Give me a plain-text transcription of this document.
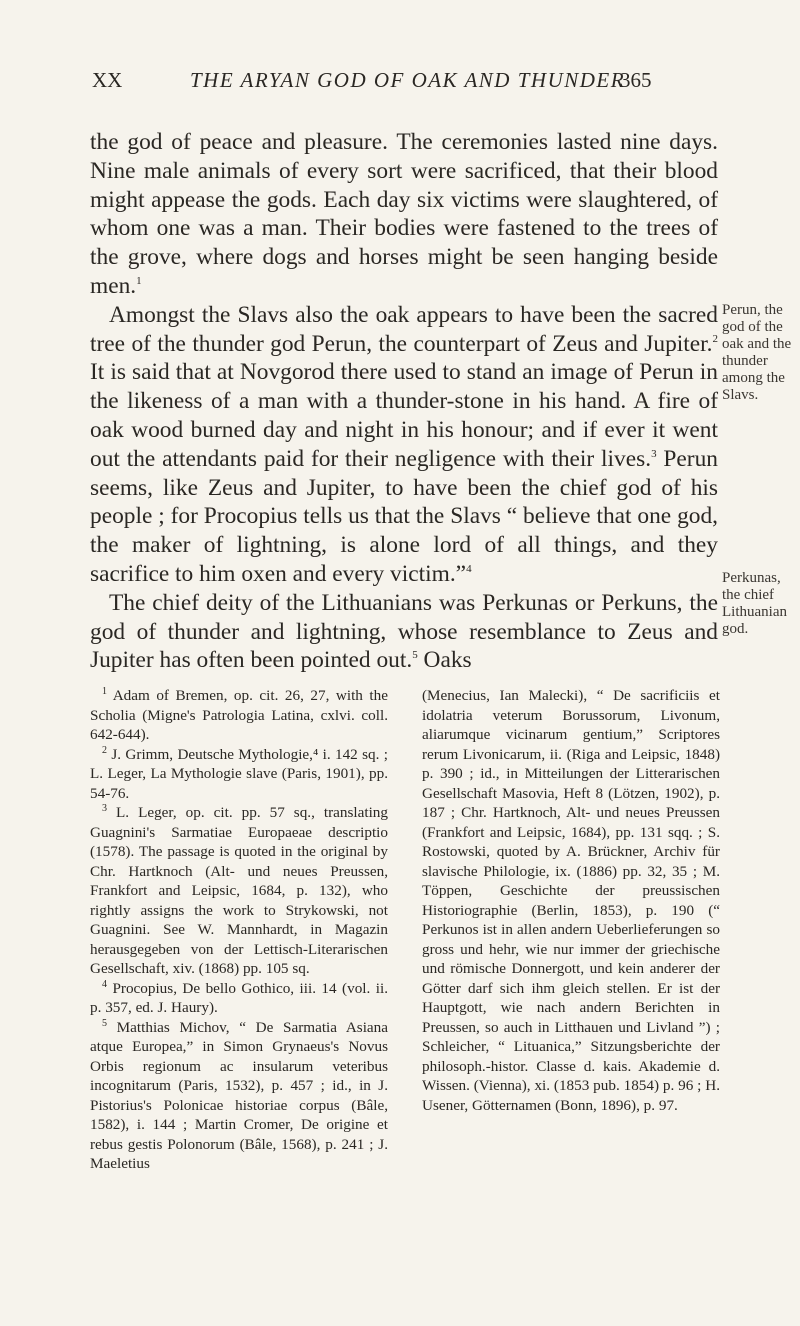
XX	THE ARYAN GOD OF OAK AND THUNDER
365

the god of peace and pleasure. The ceremonies lasted nine days. Nine male animals of every sort were sacrificed, that their blood might appease the gods. Each day six victims were slaughtered, of whom one was a man. Their bodies were fastened to the trees of the grove, where dogs and horses might be seen hanging beside men.$^1$

Amongst the Slavs also the oak appears to have been the sacred tree of the thunder god Perun, the counterpart of Zeus and Jupiter.$^2$ It is said that at Novgorod there used to stand an image of Perun in the likeness of a man with a thunder-stone in his hand. A fire of oak wood burned day and night in his honour; and if ever it went out the attendants paid for their negligence with their lives.$^3$ Perun seems, like Zeus and Jupiter, to have been the chief god of his people ; for Procopius tells us that the Slavs “ believe that one god, the maker of lightning, is alone lord of all things, and they sacrifice to him oxen and every victim.”$^4$

The chief deity of the Lithuanians was Perkunas or Perkuns, the god of thunder and lightning, whose resemblance to Zeus and Jupiter has often been pointed out.$^5$ Oaks

Perun, the god of the oak and the thunder among the Slavs.
Perkunas, the chief Lithuanian god.

$^1$ Adam of Bremen, op. cit. 26, 27, with the Scholia (Migne's Patrologia Latina, cxlvi. coll. 642-644).

$^2$ J. Grimm, Deutsche Mythologie,⁴ i. 142 sq. ; L. Leger, La Mythologie slave (Paris, 1901), pp. 54-76.

$^3$ L. Leger, op. cit. pp. 57 sq., translating Guagnini's Sarmatiae Europaeae descriptio (1578). The passage is quoted in the original by Chr. Hartknoch (Alt- und neues Preussen, Frankfort and Leipsic, 1684, p. 132), who rightly assigns the work to Strykowski, not Guagnini. See W. Mannhardt, in Magazin herausgegeben von der Lettisch-Literarischen Gesellschaft, xiv. (1868) pp. 105 sq.

$^4$ Procopius, De bello Gothico, iii. 14 (vol. ii. p. 357, ed. J. Haury).

$^5$ Matthias Michov, “ De Sarmatia Asiana atque Europea,” in Simon Grynaeus's Novus Orbis regionum ac insularum veteribus incognitarum (Paris, 1532), p. 457 ; id., in J. Pistorius's Polonicae historiae corpus (Bâle, 1582), i. 144 ; Martin Cromer, De origine et rebus gestis Polonorum (Bâle, 1568), p. 241 ; J. Maeletius

(Menecius, Ian Malecki), “ De sacrificiis et idolatria veterum Borussorum, Livonum, aliarumque vicinarum gentium,” Scriptores rerum Livonicarum, ii. (Riga and Leipsic, 1848) p. 390 ; id., in Mitteilungen der Litterarischen Gesellschaft Masovia, Heft 8 (Lötzen, 1902), p. 187 ; Chr. Hartknoch, Alt- und neues Preussen (Frankfort and Leipsic, 1684), pp. 131 sqq. ; S. Rostowski, quoted by A. Brückner, Archiv für slavische Philologie, ix. (1886) pp. 32, 35 ; M. Töppen, Geschichte der preussischen Historiographie (Berlin, 1853), p. 190 (“ Perkunos ist in allen andern Ueberlieferungen so gross und hehr, wie nur immer der griechische und römische Donnergott, und kein anderer der Götter darf sich ihm gleich stellen. Er ist der Hauptgott, wie nach andern Berichten in Preussen, so auch in Litthauen und Livland ”) ; Schleicher, “ Lituanica,” Sitzungsberichte der philosoph.-histor. Classe d. kais. Akademie d. Wissen. (Vienna), xi. (1853 pub. 1854) p. 96 ; H. Usener, Götternamen (Bonn, 1896), p. 97.
